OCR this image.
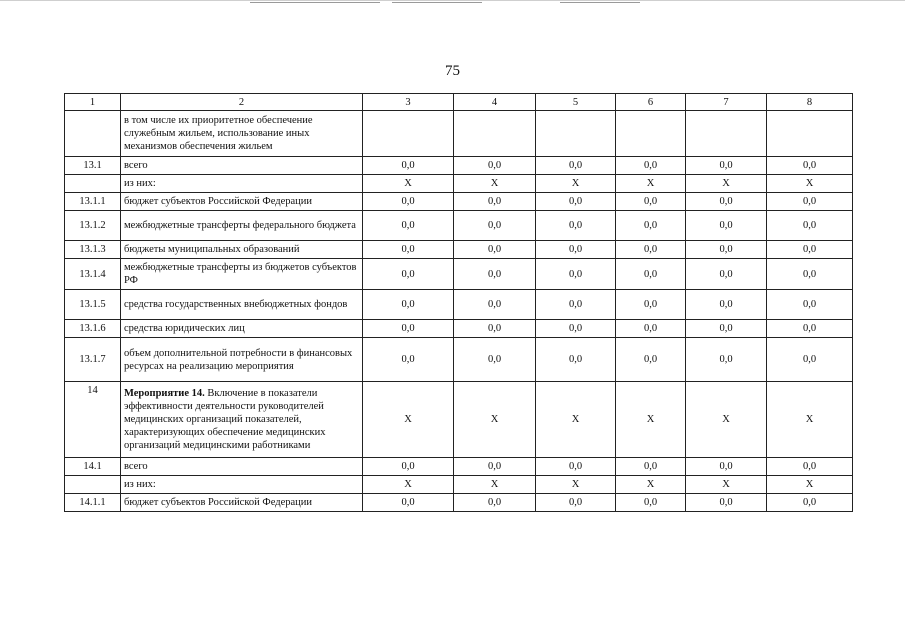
75
1	2	3	4	5	6	7	8
	в том числе их приоритетное обеспечение служебным жильем, использование иных механизмов обеспечения жильем						
13.1	всего	0,0	0,0	0,0	0,0	0,0	0,0
	из них:	X	X	X	X	X	X
13.1.1	бюджет субъектов Российской Федерации	0,0	0,0	0,0	0,0	0,0	0,0
13.1.2	межбюджетные трансферты федерального бюджета	0,0	0,0	0,0	0,0	0,0	0,0
13.1.3	бюджеты муниципальных образований	0,0	0,0	0,0	0,0	0,0	0,0
13.1.4	межбюджетные трансферты из бюджетов субъектов РФ	0,0	0,0	0,0	0,0	0,0	0,0
13.1.5	средства государственных внебюджетных фондов	0,0	0,0	0,0	0,0	0,0	0,0
13.1.6	средства юридических лиц	0,0	0,0	0,0	0,0	0,0	0,0
13.1.7	объем дополнительной потребности в финансовых ресурсах на реализацию мероприятия	0,0	0,0	0,0	0,0	0,0	0,0
14	Мероприятие 14. Включение в показатели эффективности деятельности руководителей медицинских организаций показателей, характеризующих обеспечение медицинских организаций медицинскими работниками	X	X	X	X	X	X
14.1	всего	0,0	0,0	0,0	0,0	0,0	0,0
	из них:	X	X	X	X	X	X
14.1.1	бюджет субъектов Российской Федерации	0,0	0,0	0,0	0,0	0,0	0,0
